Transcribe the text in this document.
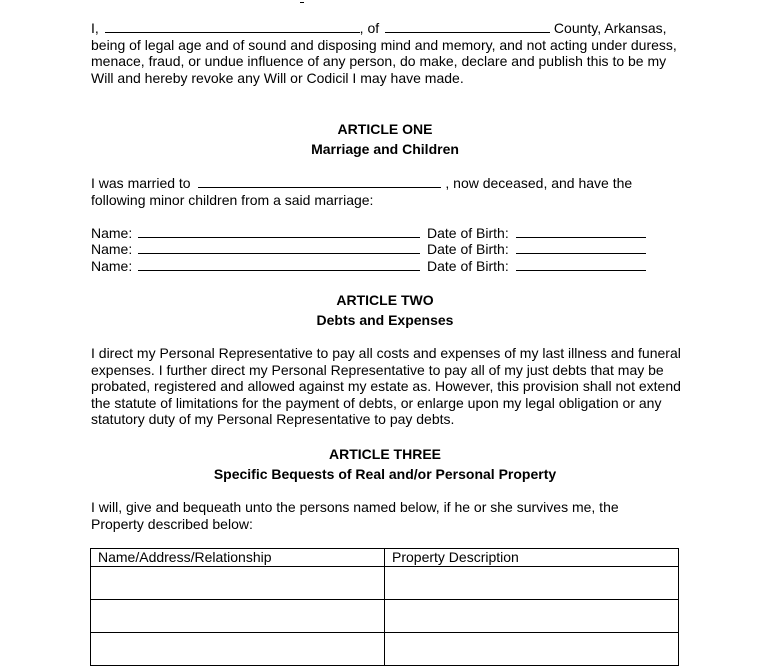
I,	, of	County, Arkansas,
being of legal age and of sound and disposing mind and memory, and not acting under duress,
menace, fraud, or undue influence of any person, do make, declare and publish this to be my
Will and hereby revoke any Will or Codicil I may have made.
ARTICLE ONE
Marriage and Children
I was married to	, now deceased, and have the
following minor children from a said marriage:
Name:	Date of Birth:
Name:	Date of Birth:
Name:	Date of Birth:
ARTICLE TWO
Debts and Expenses
I direct my Personal Representative to pay all costs and expenses of my last illness and funeral
expenses. I further direct my Personal Representative to pay all of my just debts that may be
probated, registered and allowed against my estate as. However, this provision shall not extend
the statute of limitations for the payment of debts, or enlarge upon my legal obligation or any
statutory duty of my Personal Representative to pay debts.
ARTICLE THREE
Specific Bequests of Real and/or Personal Property
I will, give and bequeath unto the persons named below, if he or she survives me, the
Property described below:
Name/Address/Relationship	Property Description
